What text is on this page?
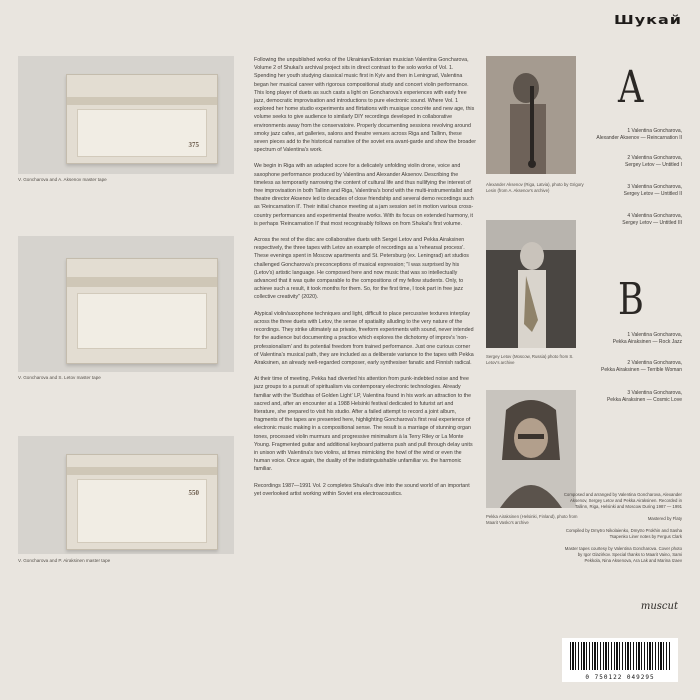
Шукай
375
V. Goncharova and A. Aksenov master tape
V. Goncharova and S. Letov master tape
550
V. Goncharova and P. Airaksinen master tape

Following the unpublished works of the Ukrainian/Estonian musician Valentina Goncharova, Volume 2 of Shukai's archival project sits in direct contrast to the solo works of Vol. 1. Spending her youth studying classical music first in Kyiv and then in Leningrad, Valentina began her musical career with rigorous compositional study and concert violin performance. This long player of duets as such casts a light on Goncharova's experiences with early free jazz, democratic improvisation and introductions to pure electronic sound. Where Vol. 1 explored her home studio experiments and flirtations with musique concrète and new age, this volume seeks to give audience to similarly DIY recordings developed in collaborative environments away from the conservatoire. Properly documenting sessions revolving around smoky jazz cafes, art galleries, salons and theatre venues across Riga and Tallinn, these seven pieces add to the historical narrative of the soviet era avant-garde and show the broader spectrum of Valentina's work.

We begin in Riga with an adapted score for a delicately unfolding violin drone, voice and saxophone performance produced by Valentina and Alexander Aksenov. Describing the timeless as temporarily narrowing the content of cultural life and thus nullifying the interest of free improvisation in both Tallinn and Riga, Valentina's bond with the multi-instrumentalist and theatre director Aksenov led to decades of close friendship and several demo recordings such as 'Reincarnation II'. Their initial chance meeting at a jam session set in motion various cross-country performances and experimental theatre works. With its focus on extended harmony, it is perhaps 'Reincarnation II' that most recognisably follows on from Shukai's first volume.

Across the rest of the disc are collaborative duets with Sergei Letov and Pekka Airaksinen respectively, the three tapes with Letov an example of recordings as a 'rehearsal process'. These evenings spent in Moscow apartments and St. Petersburg (ex. Leningrad) art studios challenged Goncharova's preconceptions of musical expression; "I was surprised by his (Letov's) artistic language. He composed here and now music that was so intellectually advanced that it was quite comparable to the compositions of my fellow students. Only, to achieve such a result, it took months for them. So, for the first time, I took part in free jazz collective creativity" (2020).

Atypical violin/saxophone techniques and light, difficult to place percussive textures interplay across the three duets with Letov, the sense of spatiality alluding to the very nature of the recordings. They strike ultimately as private, freeform experiments with sound, never intended for the audience but documenting a practice which explores the dichotomy of improv's 'non-professionalism' and its potential freedom from trained performance. Just one curious corner of Valentina's musical path, they are included as a deliberate variance to the tapes with Pekka Airaksinen, an already well-regarded composer, early synthesiser fanatic and Finnish radical.

At their time of meeting, Pekka had diverted his attention from punk-indebted noise and free jazz groups to a pursuit of spiritualism via contemporary electronic technologies. Already familiar with the 'Buddhas of Golden Light' LP, Valentina found in his work an attraction to the sacred and, after an encounter at a 1988 Helsinki festival dedicated to futurist art and literature, she prepared to visit his studio. After a failed attempt to record a joint album, fragments of the tapes are presented here, highlighting Goncharova's first real experience of electronic music making in a compositional sense. The result is a marriage of stunning organ tones, processed violin murmurs and progressive minimalism à la Terry Riley or La Monte Young. Fragmented guitar and additional keyboard patterns push and pull through delay units in unison with Valentina's two violins, at times mimicking the howl of the wind or even the human voice. Once again, the duality of the indistinguishable unfamiliar vs. the harmonic familiar.

Recordings 1987—1991 Vol. 2 completes Shukai's dive into the sound world of an important yet overlooked artist working within Soviet era electroacoustics.

Alexander Aksenov (Riga, Latvia), photo by Grigory Lesin (from A. Aksenov's archive)
Sergey Letov (Moscow, Russia) photo from S. Letov's archive
Pekka Airaksinen (Helsinki, Finland), photo from Maarit Vasko's archive
A
1 Valentina Goncharova,
Alexander Aksenov — Reincarnation II
2 Valentina Goncharova,
Sergey Letov — Untitled I
3 Valentina Goncharova,
Sergey Letov — Untitled II
4 Valentina Goncharova,
Sergey Letov — Untitled III
B
1 Valentina Goncharova,
Pekka Airaksinen — Rock Jazz
2 Valentina Goncharova,
Pekka Airaksinen — Terrible Woman
3 Valentina Goncharova,
Pekka Airaksinen — Cosmic Love

Composed and arranged by Valentina Goncharova, Alexander Aksenov, Sergey Letov and Pekka Airaksinen. Recorded in Tallinn, Riga, Helsinki and Moscow During 1987 — 1991

Mastered by Flaty

Compiled by Dmytro Nikolaienko, Dmytro Prokhin and Sasha Tsapenko Liner notes by Fergus Clark

Master tapes courtesy by Valentina Goncharova. Cover photo by Igor Glazirkov. Special thanks to Maarit Vaino, Sami Pekkola, Nina Aksenova, Ara Lak and Marina Izaev

muscut
0 750122 049295
